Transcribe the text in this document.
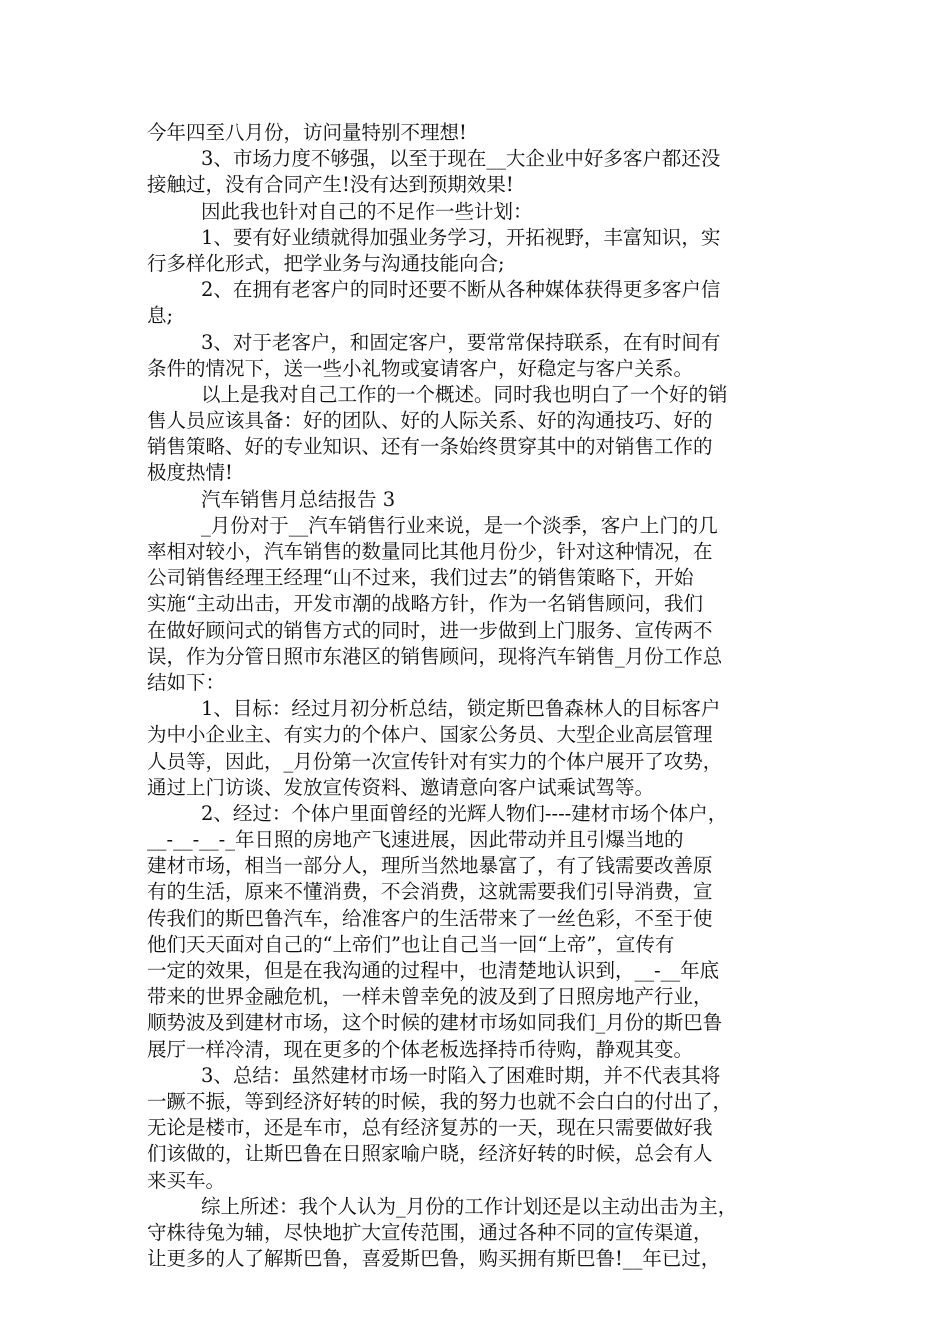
今年四至八月份，访问量特别不理想!
3、市场力度不够强，以至于现在__大企业中好多客户都还没
接触过，没有合同产生!没有达到预期效果!
因此我也针对自己的不足作一些计划：
1、要有好业绩就得加强业务学习，开拓视野，丰富知识，实
行多样化形式，把学业务与沟通技能向合;
2、在拥有老客户的同时还要不断从各种媒体获得更多客户信
息;
3、对于老客户，和固定客户，要常常保持联系，在有时间有
条件的情况下，送一些小礼物或宴请客户，好稳定与客户关系。
以上是我对自己工作的一个概述。同时我也明白了一个好的销
售人员应该具备：好的团队、好的人际关系、好的沟通技巧、好的
销售策略、好的专业知识、还有一条始终贯穿其中的对销售工作的
极度热情!
汽车销售月总结报告 3
_月份对于__汽车销售行业来说，是一个淡季，客户上门的几
率相对较小，汽车销售的数量同比其他月份少，针对这种情况，在
公司销售经理王经理“山不过来，我们过去”的销售策略下，开始
实施“主动出击，开发市潮的战略方针，作为一名销售顾问，我们
在做好顾问式的销售方式的同时，进一步做到上门服务、宣传两不
误，作为分管日照市东港区的销售顾问，现将汽车销售_月份工作总
结如下：
1、目标：经过月初分析总结，锁定斯巴鲁森林人的目标客户
为中小企业主、有实力的个体户、国家公务员、大型企业高层管理
人员等，因此，_月份第一次宣传针对有实力的个体户展开了攻势，
通过上门访谈、发放宣传资料、邀请意向客户试乘试驾等。
2、经过：个体户里面曾经的光辉人物们----建材市场个体户，
__-__-__-_年日照的房地产飞速进展，因此带动并且引爆当地的
建材市场，相当一部分人，理所当然地暴富了，有了钱需要改善原
有的生活，原来不懂消费，不会消费，这就需要我们引导消费，宣
传我们的斯巴鲁汽车，给准客户的生活带来了一丝色彩，不至于使
他们天天面对自己的“上帝们”也让自己当一回“上帝”，宣传有
一定的效果，但是在我沟通的过程中，也清楚地认识到，__-__年底
带来的世界金融危机，一样未曾幸免的波及到了日照房地产行业，
顺势波及到建材市场，这个时候的建材市场如同我们_月份的斯巴鲁
展厅一样冷清，现在更多的个体老板选择持币待购，静观其变。
3、总结：虽然建材市场一时陷入了困难时期，并不代表其将
一蹶不振，等到经济好转的时候，我的努力也就不会白白的付出了，
无论是楼市，还是车市，总有经济复苏的一天，现在只需要做好我
们该做的，让斯巴鲁在日照家喻户晓，经济好转的时候，总会有人
来买车。
综上所述：我个人认为_月份的工作计划还是以主动出击为主，
守株待兔为辅，尽快地扩大宣传范围，通过各种不同的宣传渠道，
让更多的人了解斯巴鲁，喜爱斯巴鲁，购买拥有斯巴鲁!__年已过，
